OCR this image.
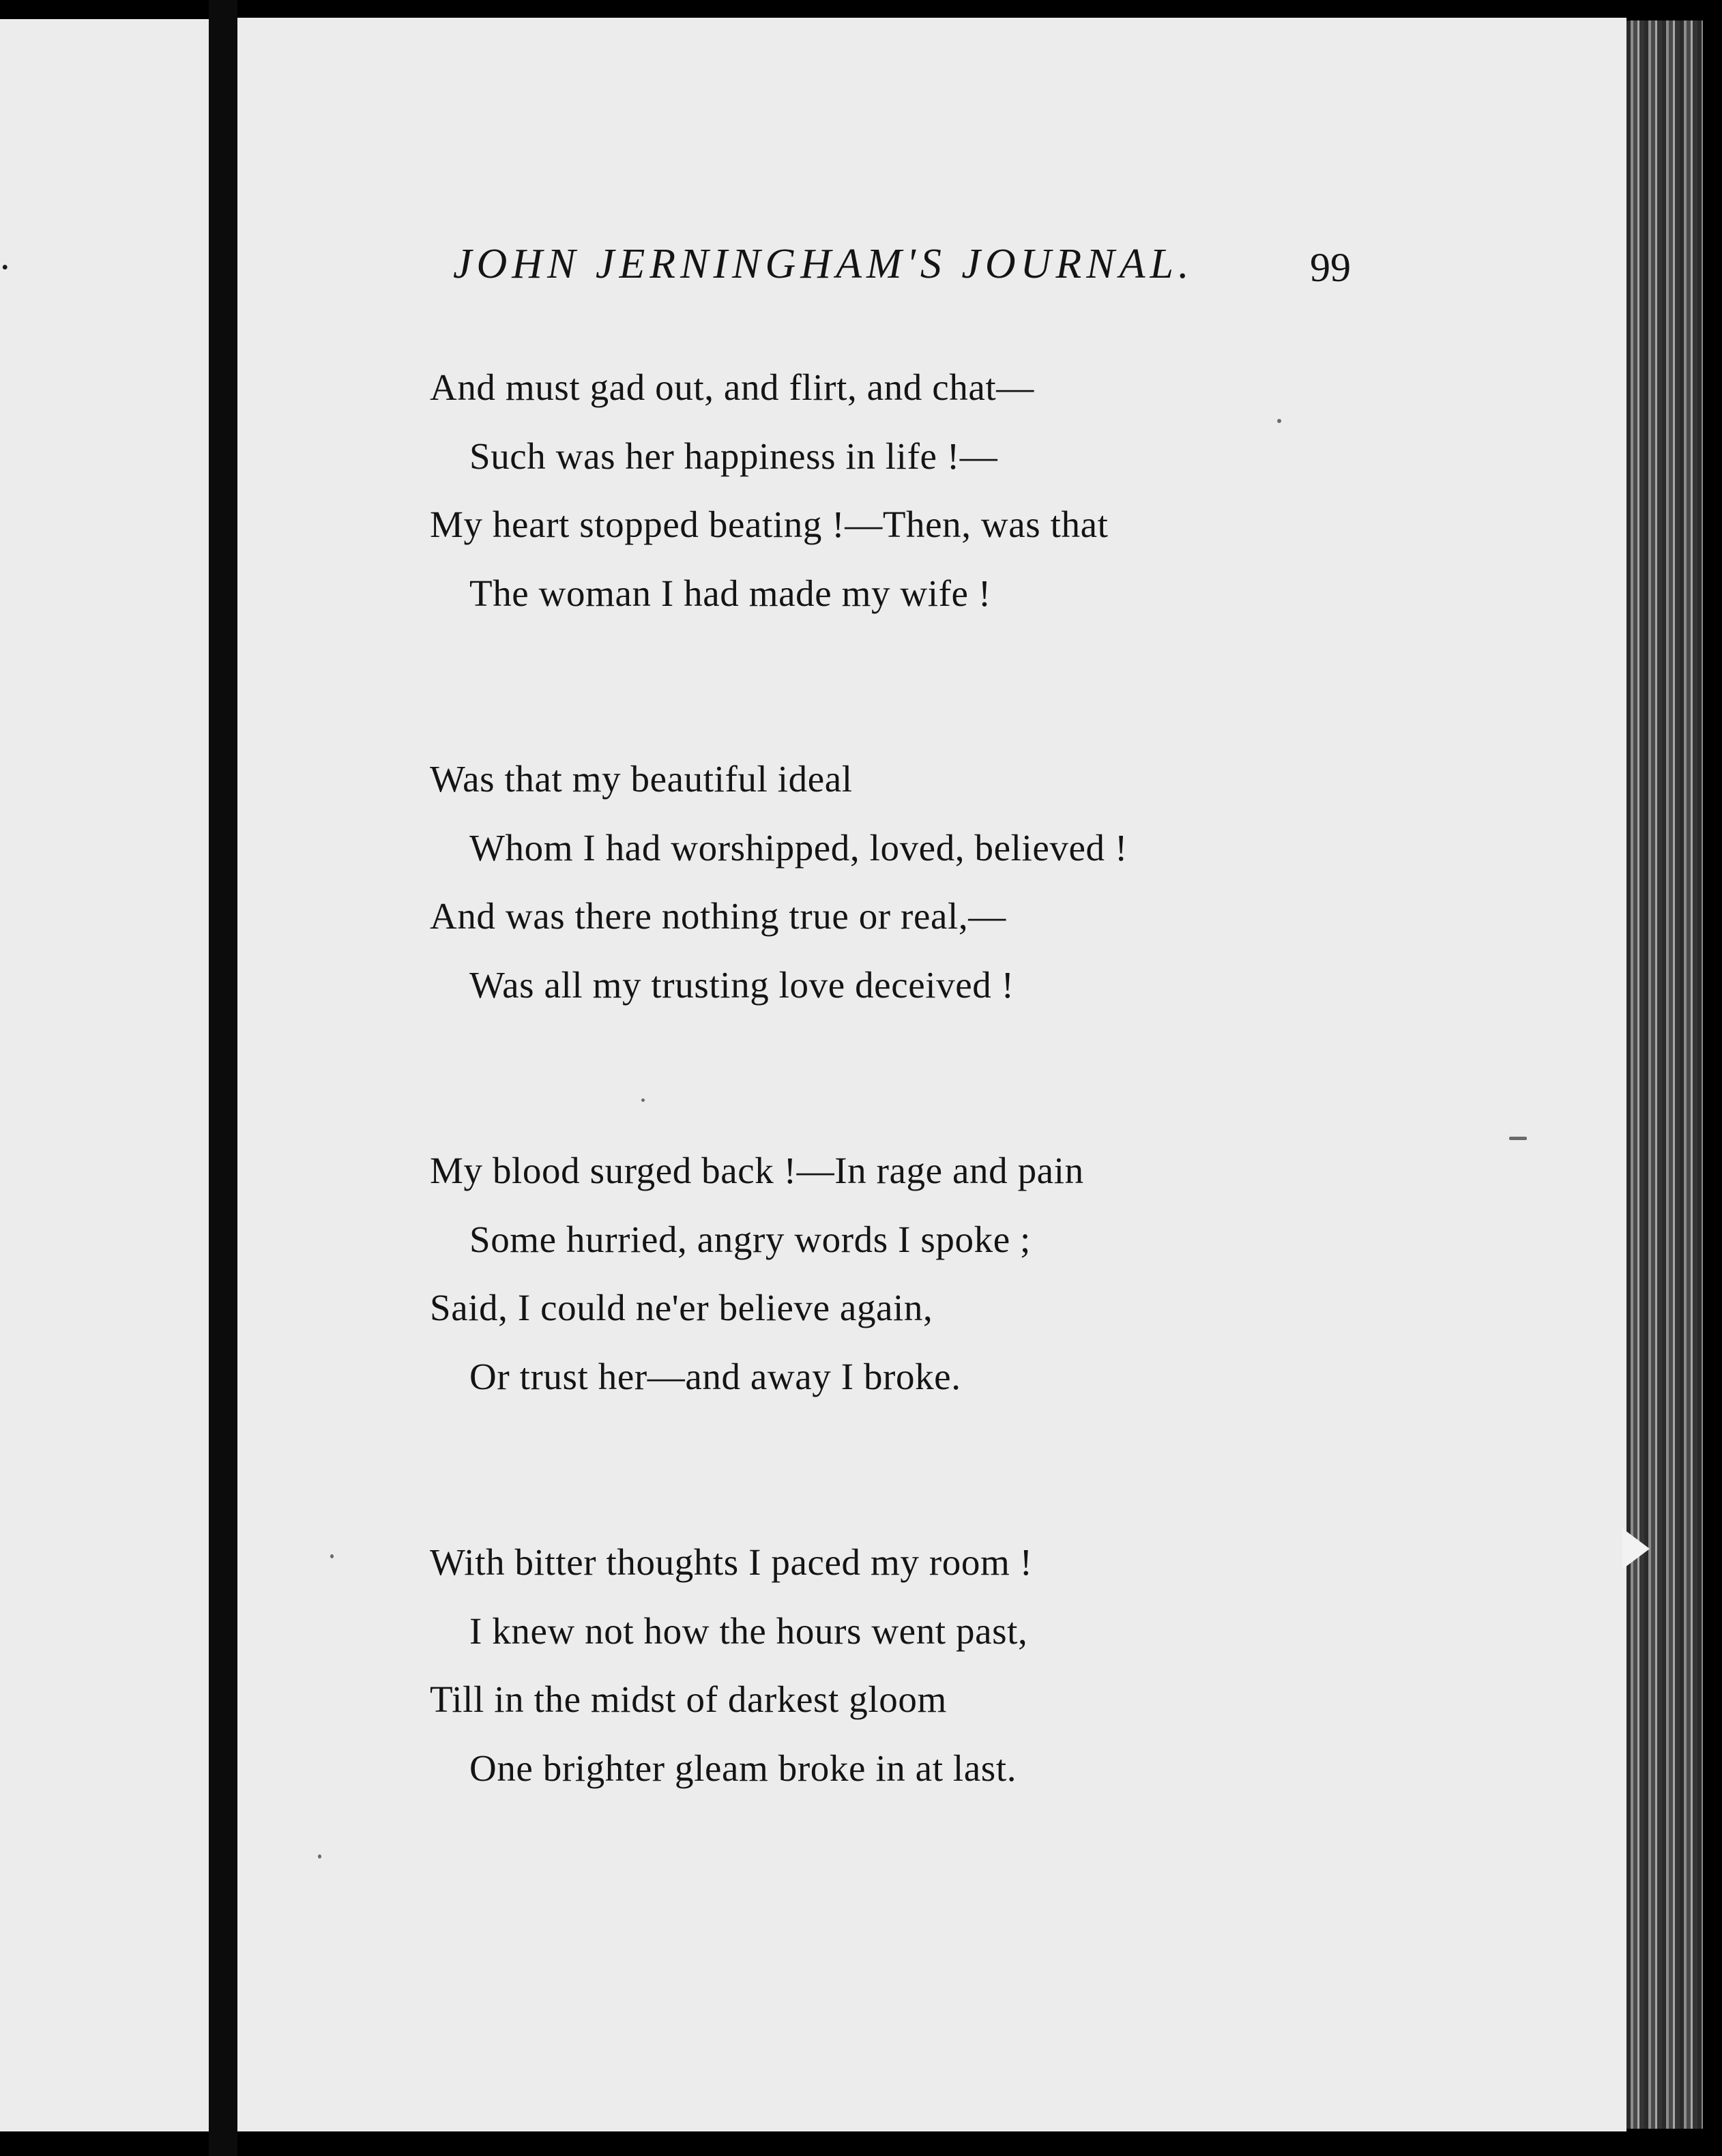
.	JOHN JERNINGHAM'S JOURNAL.	99
And must gad out, and flirt, and chat—
Such was her happiness in life !—
My heart stopped beating !—Then, was that
The woman I had made my wife !
Was that my beautiful ideal
Whom I had worshipped, loved, believed !
And was there nothing true or real,—
Was all my trusting love deceived !
My blood surged back !—In rage and pain
Some hurried, angry words I spoke ;
Said, I could ne'er believe again,
Or trust her—and away I broke.
With bitter thoughts I paced my room !
I knew not how the hours went past,
Till in the midst of darkest gloom
One brighter gleam broke in at last.
